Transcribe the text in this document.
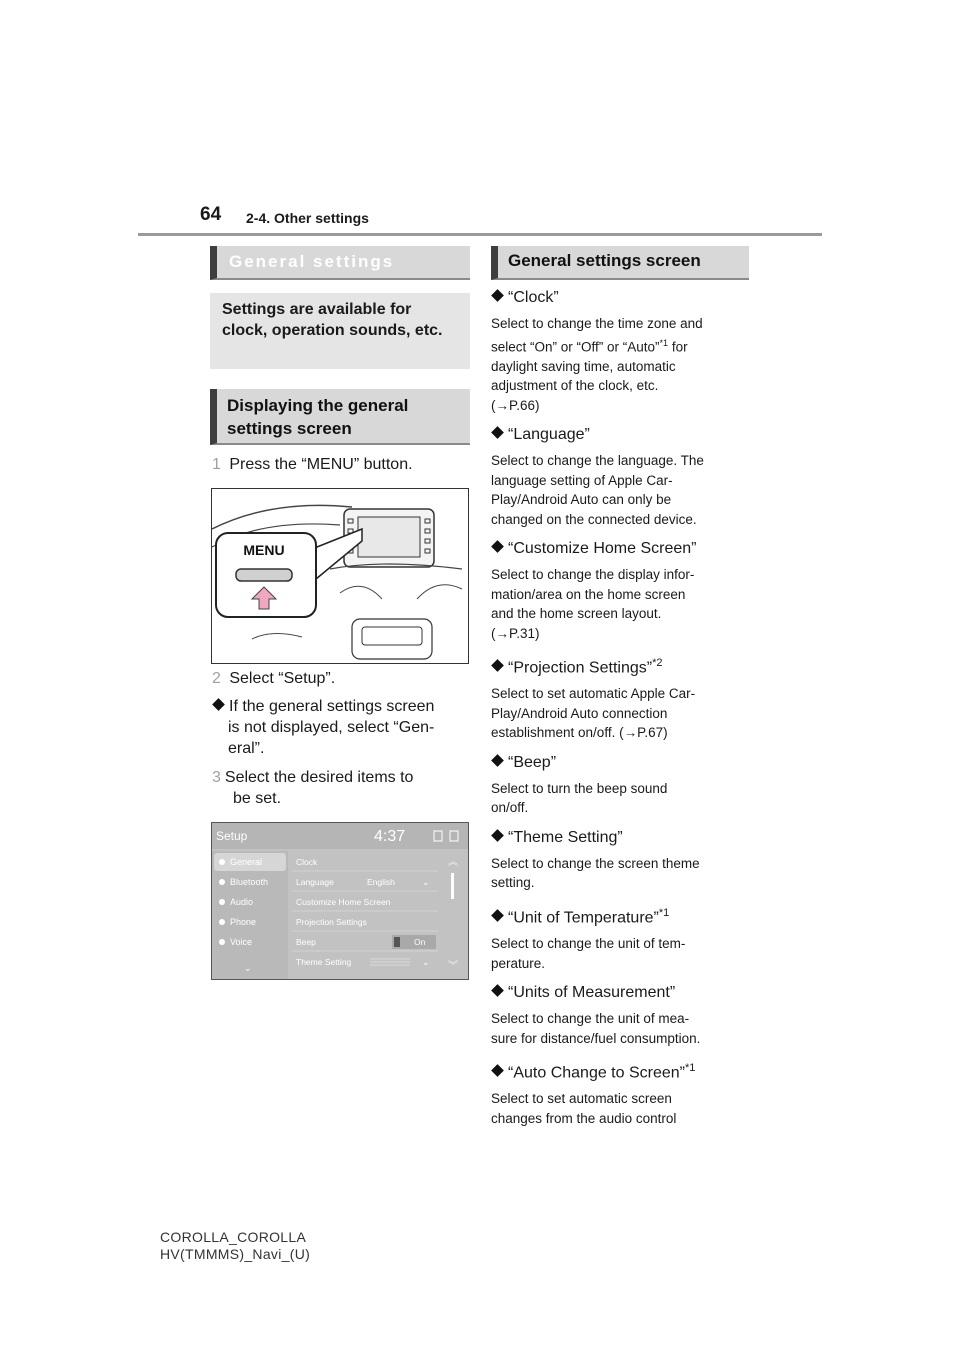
64 2-4. Other settings
General settings
Settings are available for clock, operation sounds, etc.
Displaying the general settings screen
1 Press the “MENU” button.
MENU
2 Select “Setup”.
If the general settings screen
is not displayed, select “Gen-
eral”.
3 Select the desired items to
be set.
Setup	4:37
General
Bluetooth
Audio
Phone
Voice
⌄
Clock
Language	English
Customize Home Screen
Projection Settings
Beep
Theme Setting
⌄
On
⌄
︽
︾
General settings screen
“Clock”
Select to change the time zone and
select “On” or “Off” or “Auto”$^{*1}$ for
daylight saving time, automatic
adjustment of the clock, etc.
(→P.66)
“Language”
Select to change the language. The
language setting of Apple Car-
Play/Android Auto can only be
changed on the connected device.
“Customize Home Screen”
Select to change the display infor-
mation/area on the home screen
and the home screen layout.
(→P.31)
“Projection Settings”$^{*2}$
Select to set automatic Apple Car-
Play/Android Auto connection
establishment on/off. (→P.67)
“Beep”
Select to turn the beep sound
on/off.
“Theme Setting”
Select to change the screen theme
setting.
“Unit of Temperature”$^{*1}$
Select to change the unit of tem-
perature.
“Units of Measurement”
Select to change the unit of mea-
sure for distance/fuel consumption.
“Auto Change to Screen”$^{*1}$
Select to set automatic screen
changes from the audio control
COROLLA_COROLLA
HV(TMMMS)_Navi_(U)
